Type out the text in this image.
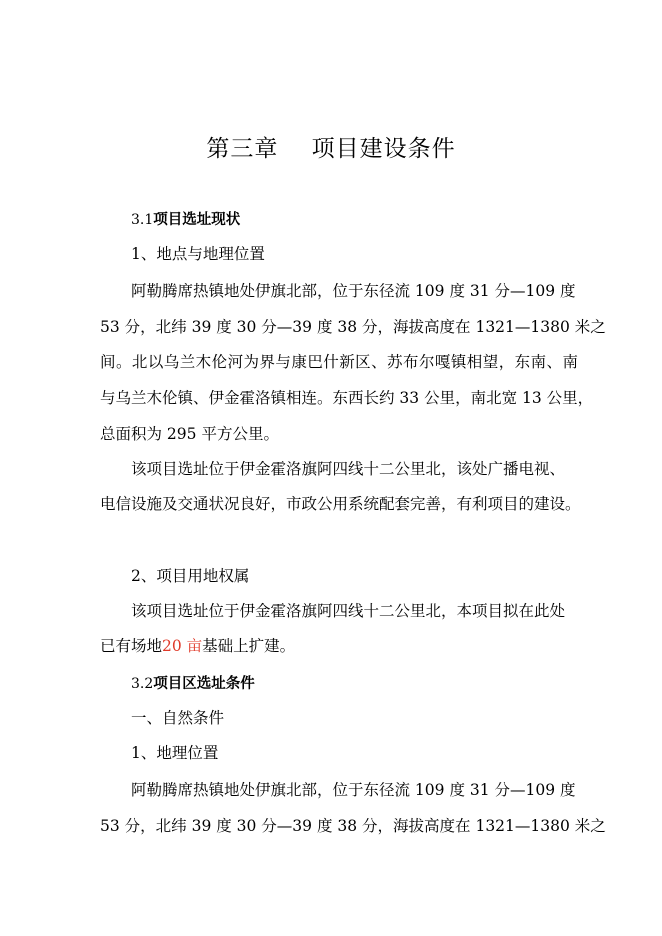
第三章    项目建设条件
3.1项目选址现状
1、地点与地理位置
阿勒腾席热镇地处伊旗北部，位于东径流 109 度 31 分—109 度
53 分，北纬 39 度 30 分—39 度 38 分，海拔高度在 1321—1380 米之
间。北以乌兰木伦河为界与康巴什新区、苏布尔嘎镇相望，东南、南
与乌兰木伦镇、伊金霍洛镇相连。东西长约 33 公里，南北宽 13 公里，
总面积为 295 平方公里。
该项目选址位于伊金霍洛旗阿四线十二公里北，该处广播电视、
电信设施及交通状况良好，市政公用系统配套完善，有利项目的建设。
2、项目用地权属
该项目选址位于伊金霍洛旗阿四线十二公里北，本项目拟在此处
已有场地20 亩基础上扩建。
3.2项目区选址条件
一、自然条件
1、地理位置
阿勒腾席热镇地处伊旗北部，位于东径流 109 度 31 分—109 度
53 分，北纬 39 度 30 分—39 度 38 分，海拔高度在 1321—1380 米之
